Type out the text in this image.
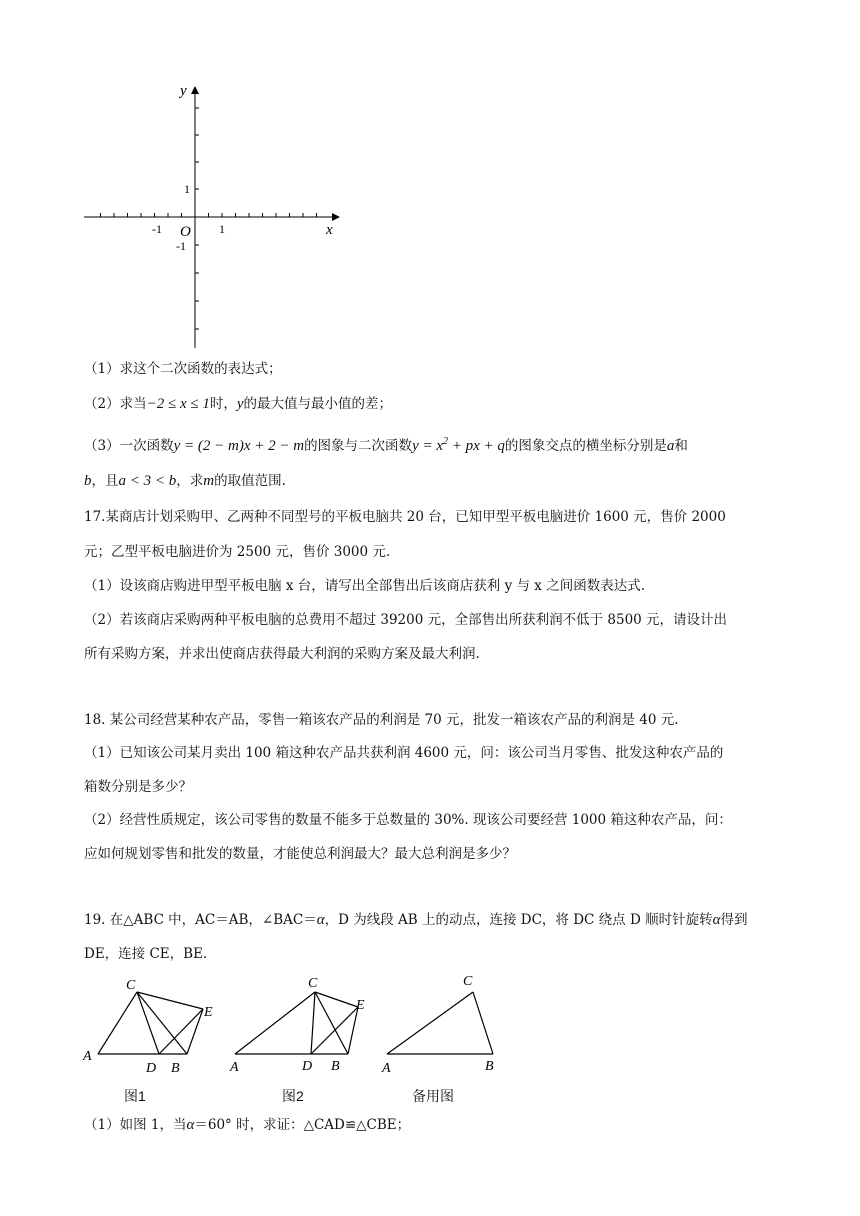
y
x
O
-1	1
1
-1
（1）求这个二次函数的表达式；
（2）求当−2 ≤ x ≤ 1时，y的最大值与最小值的差；
（3）一次函数y = (2 − m)x + 2 − m的图象与二次函数$y = x^2$ + px + q的图象交点的横坐标分别是a和
b，且a < 3 < b，求m的取值范围.
17.某商店计划采购甲、乙两种不同型号的平板电脑共 20 台，已知甲型平板电脑进价 1600 元，售价 2000
元；乙型平板电脑进价为 2500 元，售价 3000 元.
（1）设该商店购进甲型平板电脑 x 台，请写出全部售出后该商店获利 y 与 x 之间函数表达式.
（2）若该商店采购两种平板电脑的总费用不超过 39200 元，全部售出所获利润不低于 8500 元，请设计出
所有采购方案，并求出使商店获得最大利润的采购方案及最大利润.
18. 某公司经营某种农产品，零售一箱该农产品的利润是 70 元，批发一箱该农产品的利润是 40 元.
（1）已知该公司某月卖出 100 箱这种农产品共获利润 4600 元，问：该公司当月零售、批发这种农产品的
箱数分别是多少？
（2）经营性质规定，该公司零售的数量不能多于总数量的 30%. 现该公司要经营 1000 箱这种农产品，问：
应如何规划零售和批发的数量，才能使总利润最大？最大总利润是多少？
19. 在△ABC 中，AC＝AB，∠BAC＝α，D 为线段 AB 上的动点，连接 DC，将 DC 绕点 D 顺时针旋转α得到
DE，连接 CE，BE.
A
C
E
D B
图1
A
C
E
D B
图2
C
A	B
备用图
（1）如图 1，当α＝60° 时，求证：△CAD≌△CBE；
